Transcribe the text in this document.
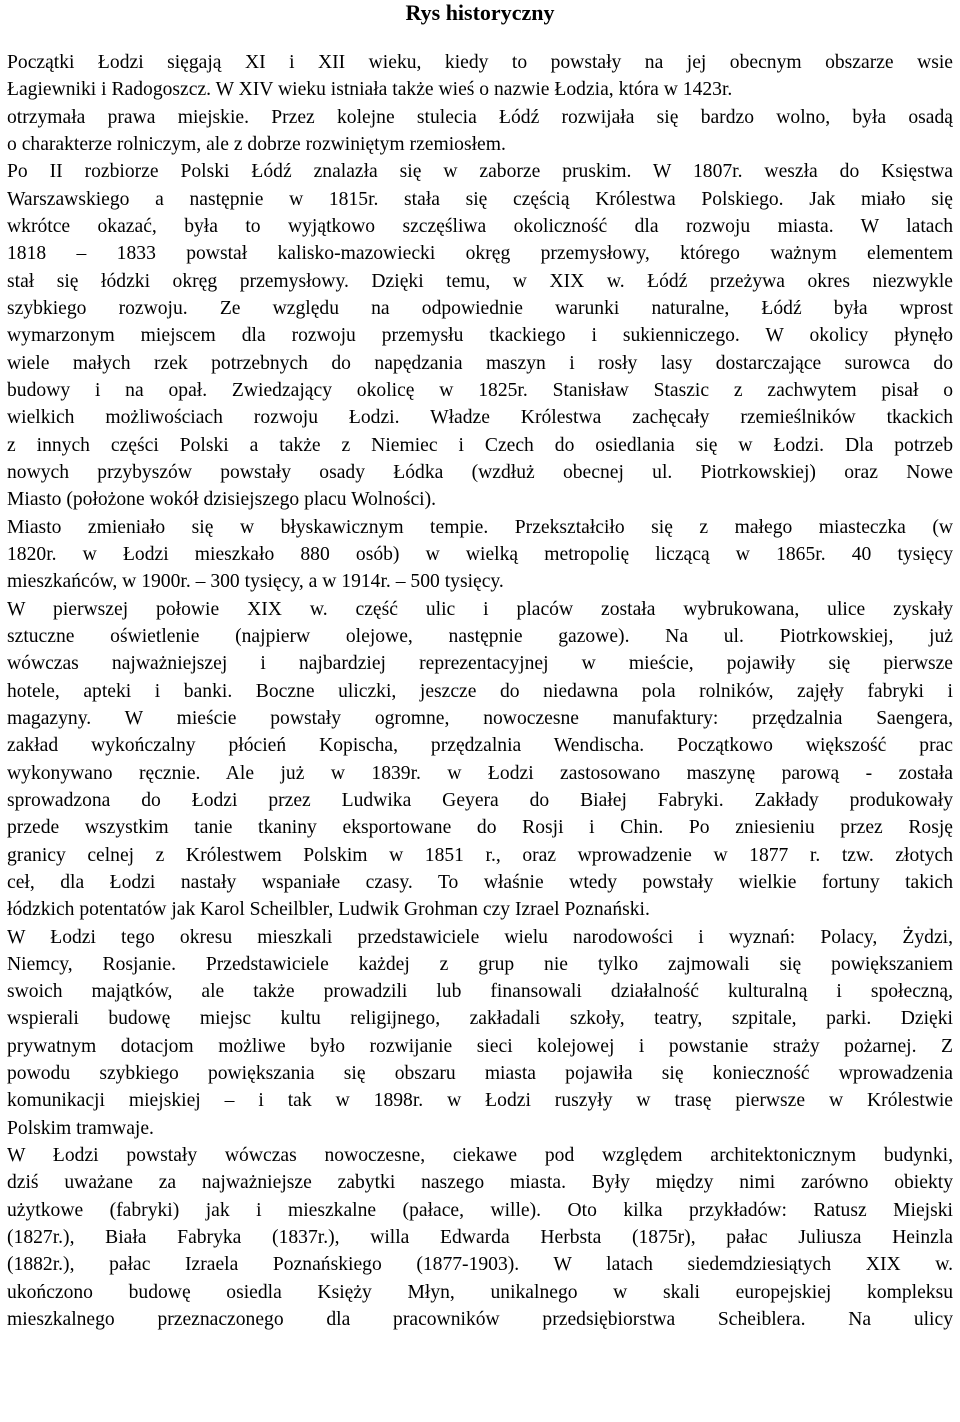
Rys historyczny
Początki Łodzi sięgają XI i XII wieku, kiedy to powstały na jej obecnym obszarze wsie
Łagiewniki i Radogoszcz. W XIV wieku istniała także wieś o nazwie Łodzia, która w 1423r.
otrzymała prawa miejskie. Przez kolejne stulecia Łódź rozwijała się bardzo wolno, była osadą
o charakterze rolniczym, ale z dobrze rozwiniętym rzemiosłem.
Po II rozbiorze Polski Łódź znalazła się w zaborze pruskim. W 1807r. weszła do Księstwa
Warszawskiego a następnie w 1815r. stała się częścią Królestwa Polskiego. Jak miało się
wkrótce okazać, była to wyjątkowo szczęśliwa okoliczność dla rozwoju miasta. W latach
1818 – 1833 powstał kalisko-mazowiecki okręg przemysłowy, którego ważnym elementem
stał się łódzki okręg przemysłowy. Dzięki temu, w XIX w. Łódź przeżywa okres niezwykle
szybkiego rozwoju. Ze względu na odpowiednie warunki naturalne, Łódź była wprost
wymarzonym miejscem dla rozwoju przemysłu tkackiego i sukienniczego. W okolicy płynęło
wiele małych rzek potrzebnych do napędzania maszyn i rosły lasy dostarczające surowca do
budowy i na opał. Zwiedzający okolicę w 1825r. Stanisław Staszic z zachwytem pisał o
wielkich możliwościach rozwoju Łodzi. Władze Królestwa zachęcały rzemieślników tkackich
z innych części Polski a także z Niemiec i Czech do osiedlania się w Łodzi. Dla potrzeb
nowych przybyszów powstały osady Łódka (wzdłuż obecnej ul. Piotrkowskiej) oraz Nowe
Miasto (położone wokół dzisiejszego placu Wolności).
Miasto zmieniało się w błyskawicznym tempie. Przekształciło się z małego miasteczka (w
1820r. w Łodzi mieszkało 880 osób) w wielką metropolię liczącą w 1865r. 40 tysięcy
mieszkańców, w 1900r. – 300 tysięcy, a w 1914r. – 500 tysięcy.
W pierwszej połowie XIX w. część ulic i placów została wybrukowana, ulice zyskały
sztuczne oświetlenie (najpierw olejowe, następnie gazowe). Na ul. Piotrkowskiej, już
wówczas najważniejszej i najbardziej reprezentacyjnej w mieście, pojawiły się pierwsze
hotele, apteki i banki. Boczne uliczki, jeszcze do niedawna pola rolników, zajęły fabryki i
magazyny. W mieście powstały ogromne, nowoczesne manufaktury: przędzalnia Saengera,
zakład wykończalny płócień Kopischa, przędzalnia Wendischa. Początkowo większość prac
wykonywano ręcznie. Ale już w 1839r. w Łodzi zastosowano maszynę parową - została
sprowadzona do Łodzi przez Ludwika Geyera do Białej Fabryki. Zakłady produkowały
przede wszystkim tanie tkaniny eksportowane do Rosji i Chin. Po zniesieniu przez Rosję
granicy celnej z Królestwem Polskim w 1851 r., oraz wprowadzenie w 1877 r. tzw. złotych
ceł, dla Łodzi nastały wspaniałe czasy. To właśnie wtedy powstały wielkie fortuny takich
łódzkich potentatów jak Karol Scheilbler, Ludwik Grohman czy Izrael Poznański.
W Łodzi tego okresu mieszkali przedstawiciele wielu narodowości i wyznań: Polacy, Żydzi,
Niemcy, Rosjanie. Przedstawiciele każdej z grup nie tylko zajmowali się powiększaniem
swoich majątków, ale także prowadzili lub finansowali działalność kulturalną i społeczną,
wspierali budowę miejsc kultu religijnego, zakładali szkoły, teatry, szpitale, parki. Dzięki
prywatnym dotacjom możliwe było rozwijanie sieci kolejowej i powstanie straży pożarnej. Z
powodu szybkiego powiększania się obszaru miasta pojawiła się konieczność wprowadzenia
komunikacji miejskiej – i tak w 1898r. w Łodzi ruszyły w trasę pierwsze w Królestwie
Polskim tramwaje.
W Łodzi powstały wówczas nowoczesne, ciekawe pod względem architektonicznym budynki,
dziś uważane za najważniejsze zabytki naszego miasta. Były między nimi zarówno obiekty
użytkowe (fabryki) jak i mieszkalne (pałace, wille). Oto kilka przykładów: Ratusz Miejski
(1827r.), Biała Fabryka (1837r.), willa Edwarda Herbsta (1875r), pałac Juliusza Heinzla
(1882r.), pałac Izraela Poznańskiego (1877-1903). W latach siedemdziesiątych XIX w.
ukończono budowę osiedla Księży Młyn, unikalnego w skali europejskiej kompleksu
mieszkalnego przeznaczonego dla pracowników przedsiębiorstwa Scheiblera. Na ulicy
